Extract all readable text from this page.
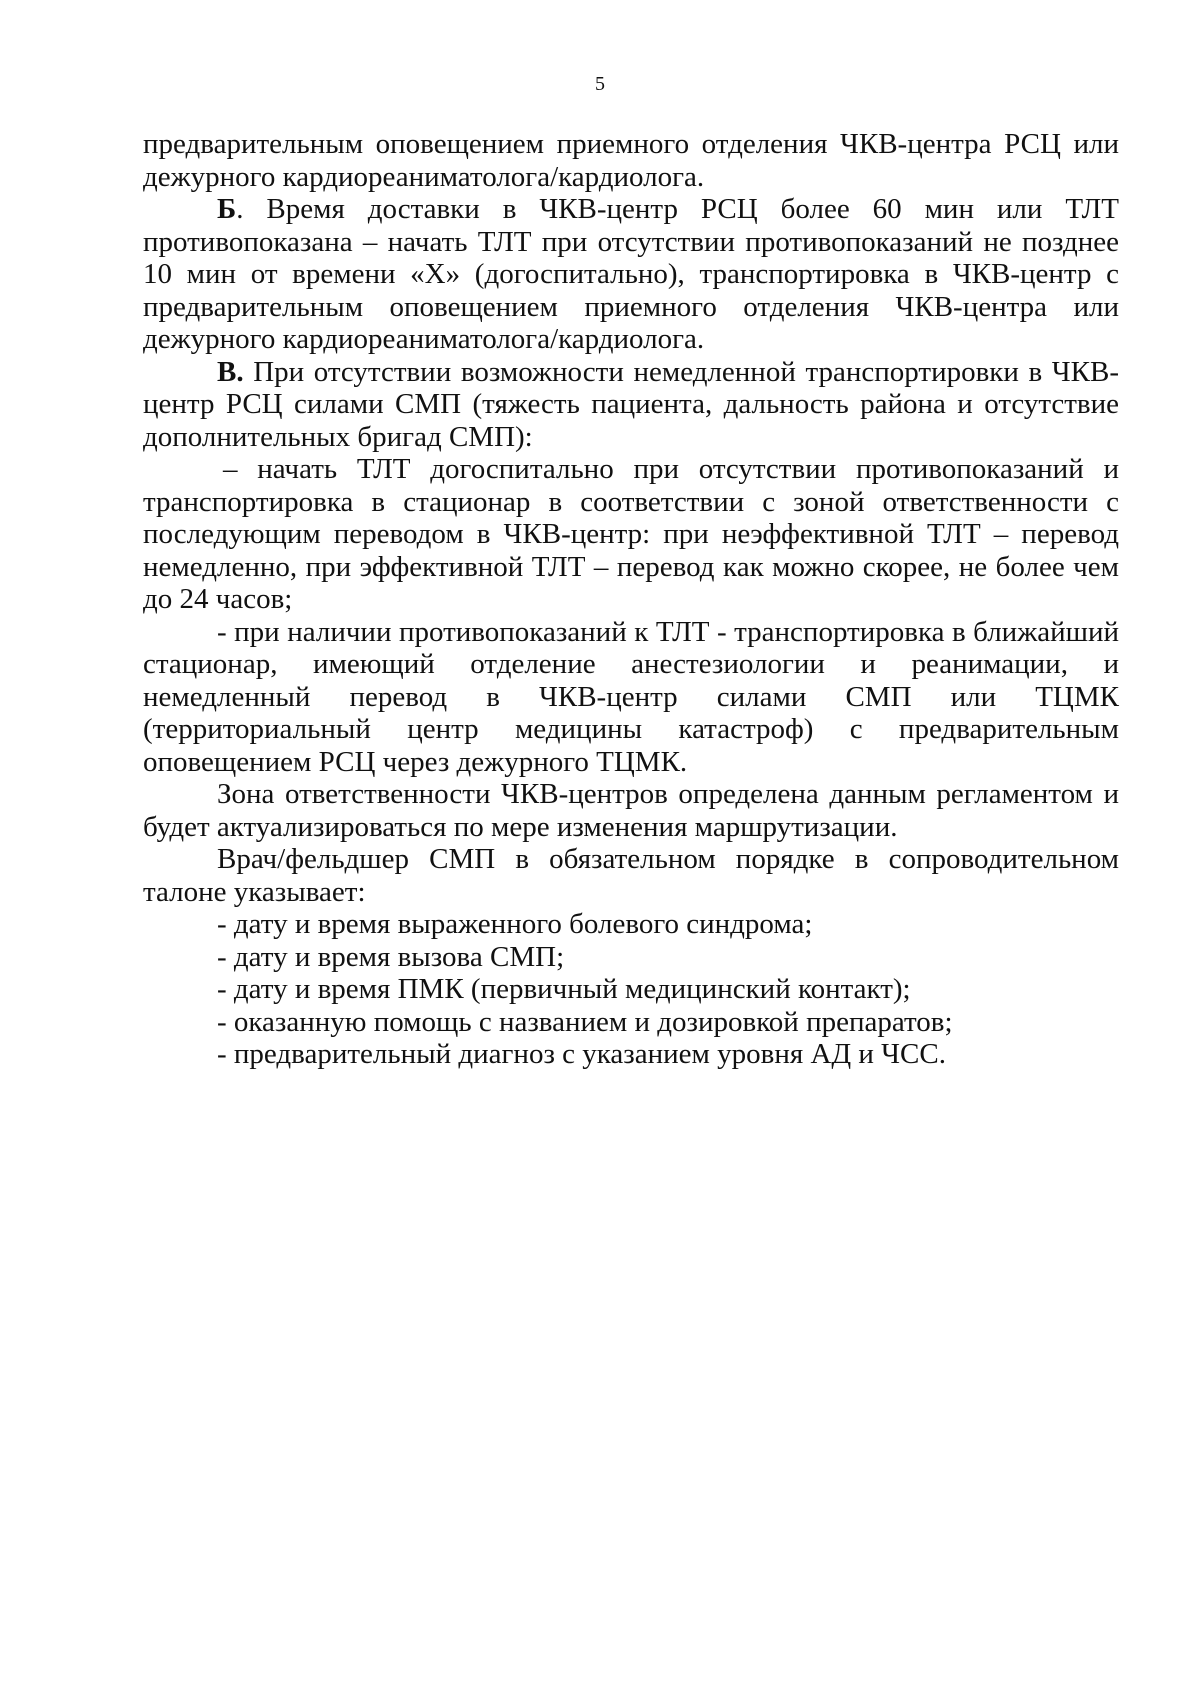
5

предварительным оповещением приемного отделения ЧКВ-центра РСЦ или дежурного кардиореаниматолога/кардиолога.

Б. Время доставки в ЧКВ-центр РСЦ более 60 мин или ТЛТ противопоказана – начать ТЛТ при отсутствии противопоказаний не позднее 10 мин от времени «Х» (догоспитально), транспортировка в ЧКВ-центр с предварительным оповещением приемного отделения ЧКВ-центра или дежурного кардиореаниматолога/кардиолога.

В. При отсутствии возможности немедленной транспортировки в ЧКВ-центр РСЦ силами СМП (тяжесть пациента, дальность района и отсутствие дополнительных бригад СМП):

– начать ТЛТ догоспитально при отсутствии противопоказаний и транспортировка в стационар в соответствии с зоной ответственности с последующим переводом в ЧКВ-центр: при неэффективной ТЛТ – перевод немедленно, при эффективной ТЛТ – перевод как можно скорее, не более чем до 24 часов;

- при наличии противопоказаний к ТЛТ - транспортировка в ближайший стационар, имеющий отделение анестезиологии и реанимации, и немедленный перевод в ЧКВ-центр силами СМП или ТЦМК (территориальный центр медицины катастроф) с предварительным оповещением РСЦ через дежурного ТЦМК.

Зона ответственности ЧКВ-центров определена данным регламентом и будет актуализироваться по мере изменения маршрутизации.

Врач/фельдшер СМП в обязательном порядке в сопроводительном талоне указывает:

- дату и время выраженного болевого синдрома;

- дату и время вызова СМП;

- дату и время ПМК (первичный медицинский контакт);

- оказанную помощь с названием и дозировкой препаратов;

- предварительный диагноз с указанием уровня АД и ЧСС.
